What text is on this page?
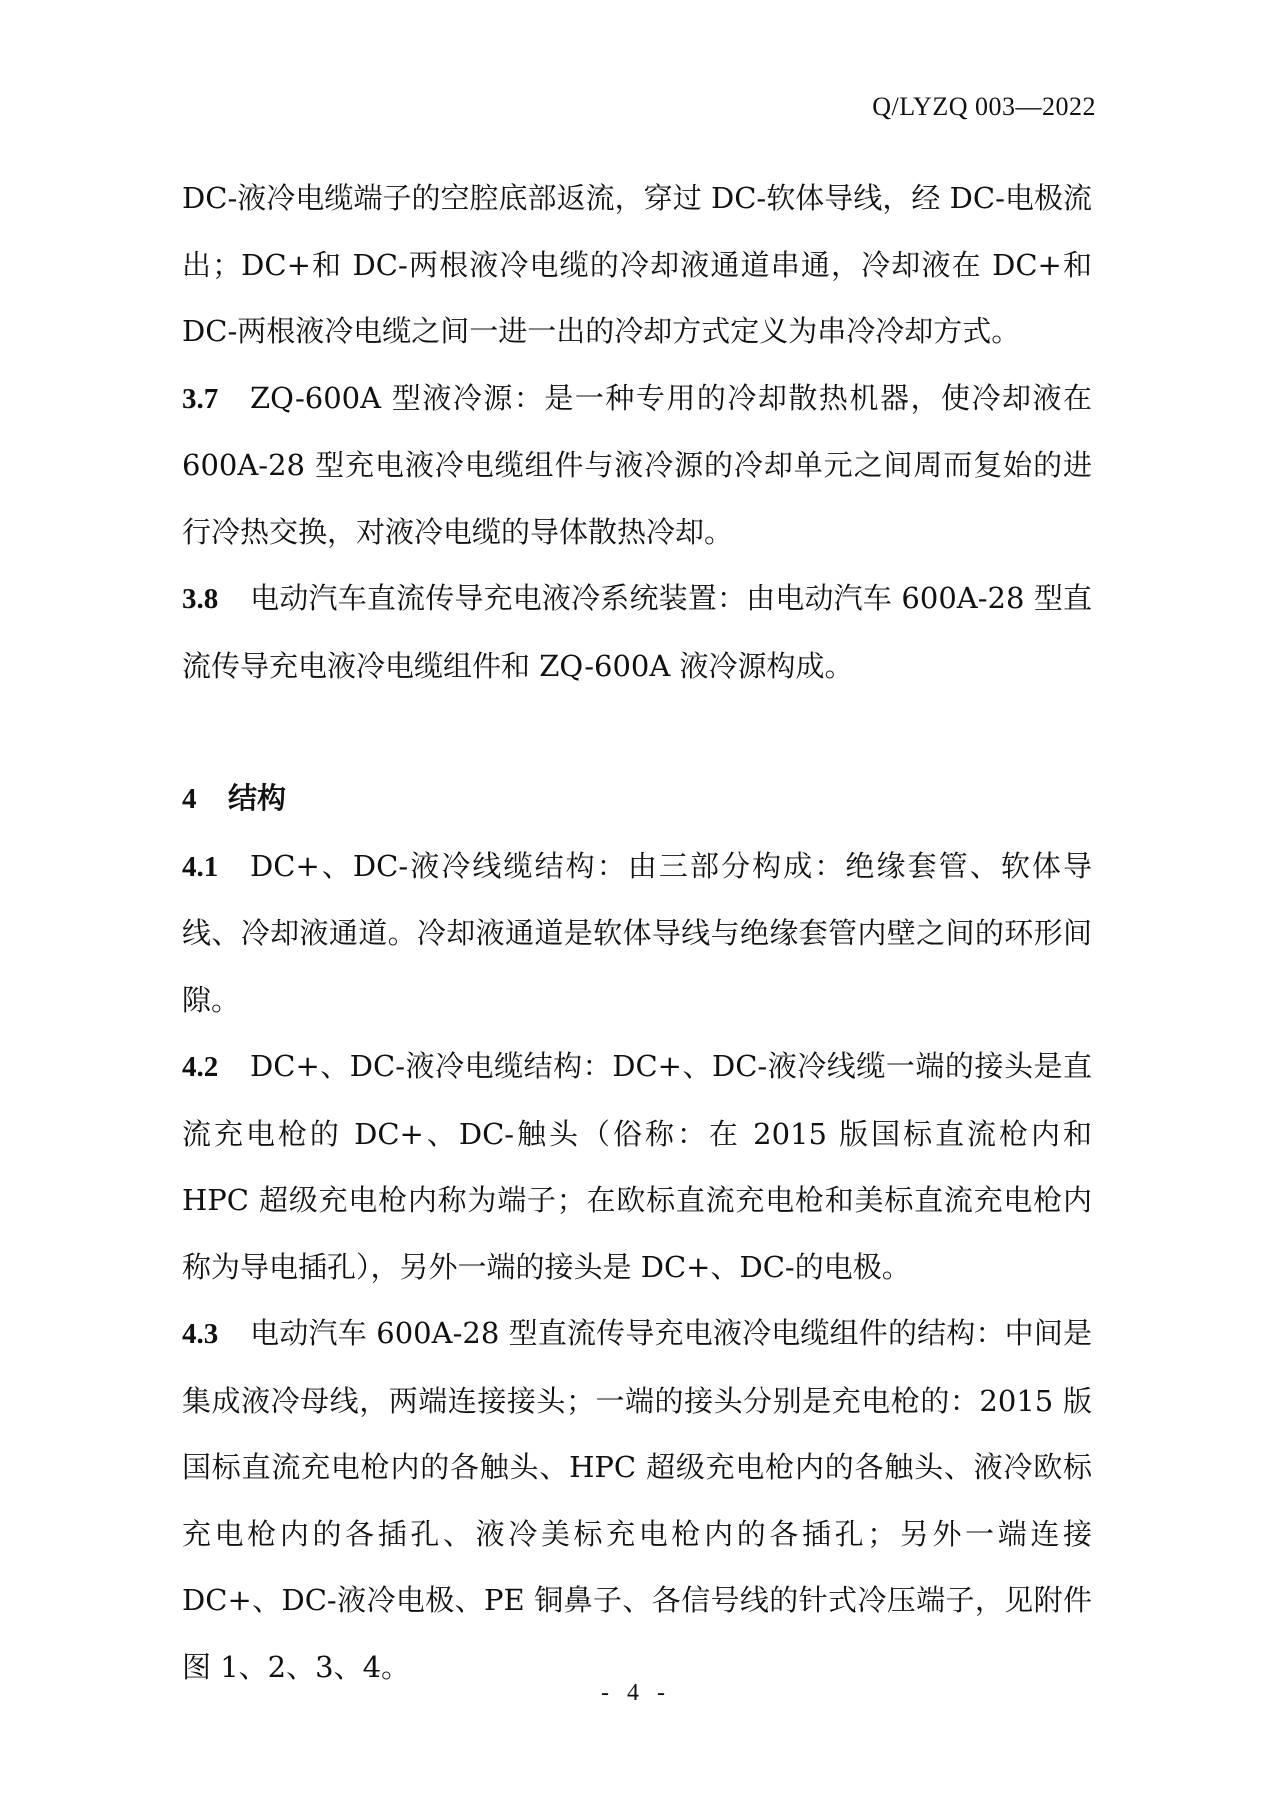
Q/LYZQ 003—2022

DC-液冷电缆端子的空腔底部返流，穿过 DC-软体导线，经 DC-电极流出；DC+和 DC-两根液冷电缆的冷却液通道串通，冷却液在 DC+和 DC-两根液冷电缆之间一进一出的冷却方式定义为串冷冷却方式。

3.7 ZQ-600A 型液冷源：是一种专用的冷却散热机器，使冷却液在 600A-28 型充电液冷电缆组件与液冷源的冷却单元之间周而复始的进行冷热交换，对液冷电缆的导体散热冷却。

3.8 电动汽车直流传导充电液冷系统装置：由电动汽车 600A-28 型直流传导充电液冷电缆组件和 ZQ-600A 液冷源构成。

4 结构

4.1 DC+、DC-液冷线缆结构：由三部分构成：绝缘套管、软体导线、冷却液通道。冷却液通道是软体导线与绝缘套管内壁之间的环形间隙。

4.2 DC+、DC-液冷电缆结构：DC+、DC-液冷线缆一端的接头是直流充电枪的 DC+、DC-触头（俗称：在 2015 版国标直流枪内和 HPC 超级充电枪内称为端子；在欧标直流充电枪和美标直流充电枪内称为导电插孔），另外一端的接头是 DC+、DC-的电极。

4.3 电动汽车 600A-28 型直流传导充电液冷电缆组件的结构：中间是集成液冷母线，两端连接接头；一端的接头分别是充电枪的：2015 版国标直流充电枪内的各触头、HPC 超级充电枪内的各触头、液冷欧标充电枪内的各插孔、液冷美标充电枪内的各插孔；另外一端连接 DC+、DC-液冷电极、PE 铜鼻子、各信号线的针式冷压端子，见附件图 1、2、3、4。

- 4 -
